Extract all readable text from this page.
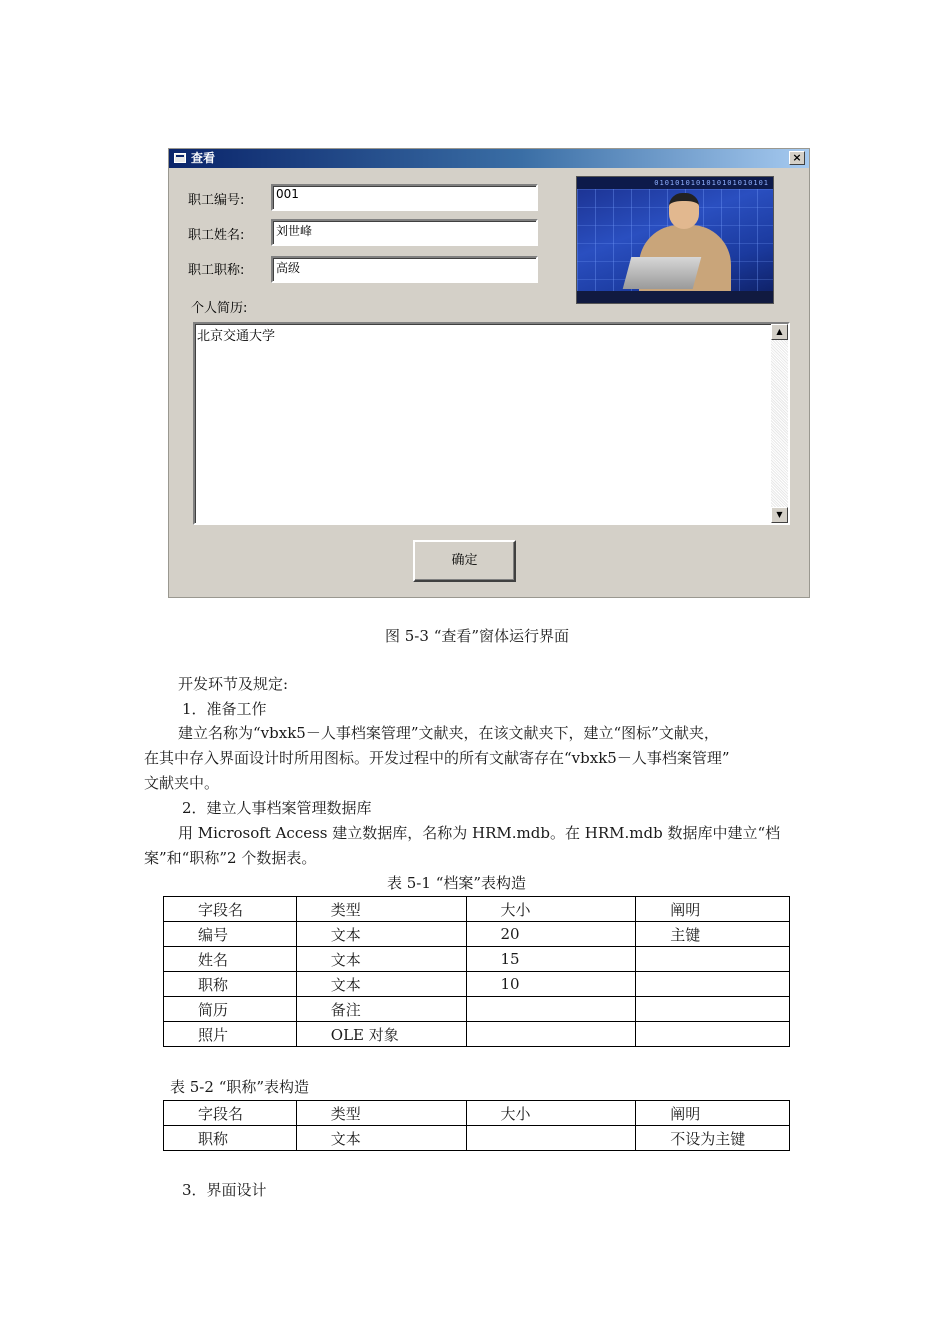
查看	×
职工编号:	001
职工姓名:	刘世峰
职工职称:	高级
0101010101010101010101
个人简历:
北京交通大学	▲
▼
确定
图 5-3 “查看”窗体运行界面
开发环节及规定:
1．准备工作
建立名称为“vbxk5－人事档案管理”文献夹，在该文献夹下，建立“图标”文献夹，
在其中存入界面设计时所用图标。开发过程中的所有文献寄存在“vbxk5－人事档案管理”
文献夹中。
2．建立人事档案管理数据库
用 Microsoft Access 建立数据库，名称为 HRM.mdb。在 HRM.mdb 数据库中建立“档
案”和“职称”2 个数据表。
表 5-1 “档案”表构造
字段名	类型	大小	阐明
编号	文本	20	主键
姓名	文本	15	
职称	文本	10	
简历	备注		
照片	OLE 对象		
表 5-2 “职称”表构造
字段名	类型	大小	阐明
职称	文本		不设为主键
3．界面设计
